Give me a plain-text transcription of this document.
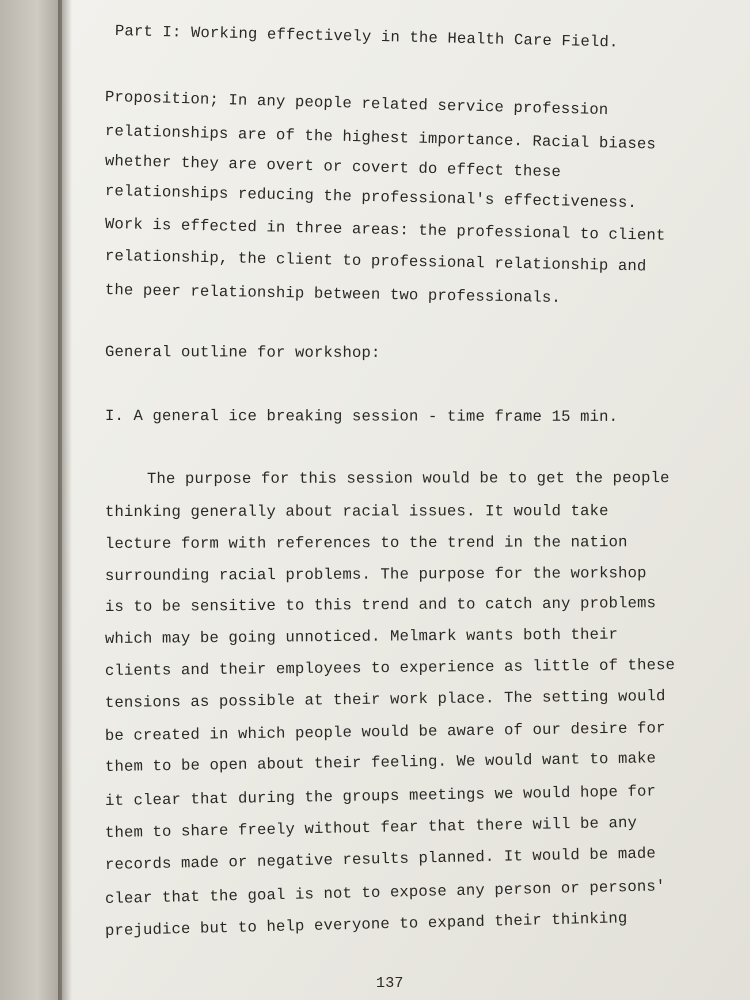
Part I: Working effectively in the Health Care Field.
Proposition; In any people related service profession
relationships are of the highest importance. Racial biases
whether they are overt or covert do effect these
relationships reducing the professional's effectiveness.
Work is effected in three areas: the professional to client
relationship, the client to professional relationship and
the peer relationship between two professionals.
General outline for workshop:
I. A general ice breaking session - time frame 15 min.
The purpose for this session would be to get the people
thinking generally about racial issues. It would take
lecture form with references to the trend in the nation
surrounding racial problems. The purpose for the workshop
is to be sensitive to this trend and to catch any problems
which may be going unnoticed. Melmark wants both their
clients and their employees to experience as little of these
tensions as possible at their work place. The setting would
be created in which people would be aware of our desire for
them to be open about their feeling. We would want to make
it clear that during the groups meetings we would hope for
them to share freely without fear that there will be any
records made or negative results planned. It would be made
clear that the goal is not to expose any person or persons'
prejudice but to help everyone to expand their thinking
137
